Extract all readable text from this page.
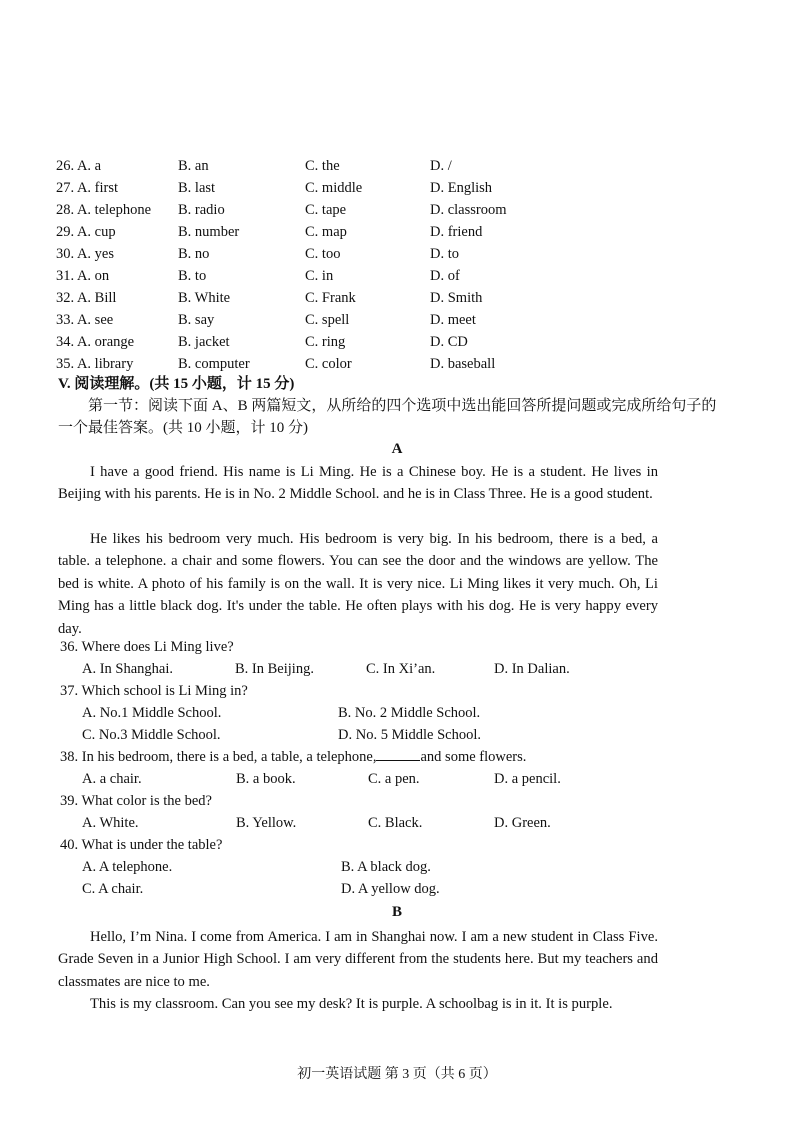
26. A. a	B. an	C. the	D. /
27. A. first	B. last	C. middle	D. English
28. A. telephone B. radio	C. tape	D. classroom
29. A. cup	B. number	C. map	D. friend
30. A. yes	B. no	C. too	D. to
31. A. on	B. to	C. in	D. of
32. A. Bill	B. White	C. Frank	D. Smith
33. A. see	B. say	C. spell	D. meet
34. A. orange	B. jacket	C. ring	D. CD
35. A. library	B. computer	C. color	D. baseball
V. 阅读理解。(共 15 小题，计 15 分)
第一节：阅读下面 A、B 两篇短文，从所给的四个选项中选出能回答所提问题或完成所给句子的一个最佳答案。(共 10 小题，计 10 分)
A
I have a good friend. His name is Li Ming. He is a Chinese boy. He is a student. He lives in Beijing with his parents. He is in No. 2 Middle School. and he is in Class Three. He is a good student.
He likes his bedroom very much. His bedroom is very big. In his bedroom, there is a bed, a table. a telephone. a chair and some flowers. You can see the door and the windows are yellow. The bed is white. A photo of his family is on the wall. It is very nice. Li Ming likes it very much. Oh, Li Ming has a little black dog. It's under the table. He often plays with his dog. He is very happy every day.
36. Where does Li Ming live?
A. In Shanghai.	B. In Beijing.	C. In Xi’an.	D. In Dalian.
37. Which school is Li Ming in?
A. No.1 Middle School.	B. No. 2 Middle School.
C. No.3 Middle School.	D. No. 5 Middle School.
38. In his bedroom, there is a bed, a table, a telephone,	and some flowers.
A. a chair.	B. a book.	C. a pen.	D. a pencil.
39. What color is the bed?
A. White.	B. Yellow.	C. Black.	D. Green.
40. What is under the table?
A. A telephone.	B. A black dog.
C. A chair.	D. A yellow dog.
B
Hello, I’m Nina. I come from America. I am in Shanghai now. I am a new student in Class Five. Grade Seven in a Junior High School. I am very different from the students here. But my teachers and classmates are nice to me.
This is my classroom. Can you see my desk? It is purple. A schoolbag is in it. It is purple.
初一英语试题 第 3 页（共 6 页）
